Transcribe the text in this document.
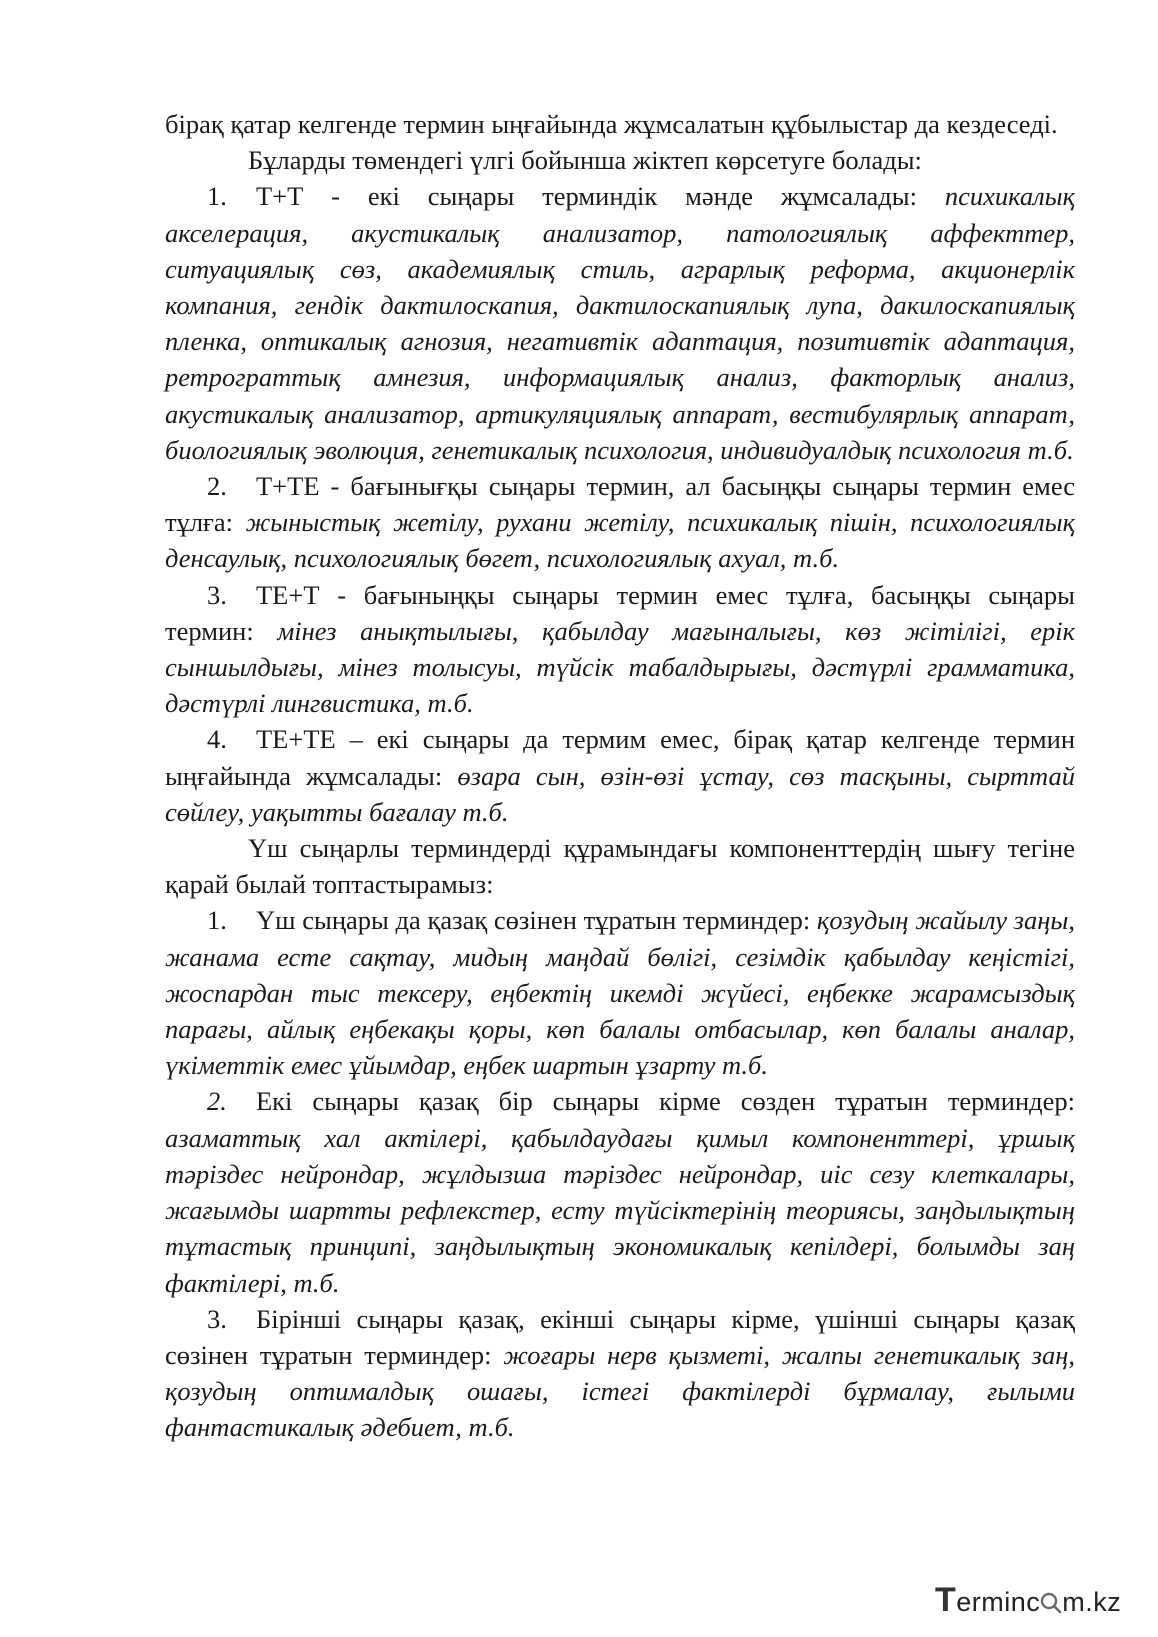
бірақ қатар келгенде термин ыңғайында жұмсалатын құбылыстар да кездеседі.

Бұларды төмендегі үлгі бойынша жіктеп көрсетуге болады:

1. Т+Т - екі сыңары терминдік мәнде жұмсалады: психикалық акселерация, акустикалық анализатор, патологиялық аффекттер, ситуациялық сөз, академиялық стиль, аграрлық реформа, акционерлік компания, гендік дактилоскапия, дактилоскапиялық лупа, дакилоскапиялық пленка, оптикалық агнозия, негативтік адаптация, позитивтік адаптация, ретрограттық амнезия, информациялық анализ, факторлық анализ, акустикалық анализатор, артикуляциялық аппарат, вестибулярлық аппарат, биологиялық эволюция, генетикалық психология, индивидуалдық психология т.б.

2. Т+ТЕ - бағынығқы сыңары термин, ал басыңқы сыңары термин емес тұлға: жыныстық жетілу, рухани жетілу, психикалық пішін, психологиялық денсаулық, психологиялық бөгет, психологиялық ахуал, т.б.

3. ТЕ+Т - бағыныңқы сыңары термин емес тұлға, басыңқы сыңары термин: мінез анықтылығы, қабылдау мағыналығы, көз жітілігі, ерік сыншылдығы, мінез толысуы, түйсік табалдырығы, дәстүрлі грамматика, дәстүрлі лингвистика, т.б.

4. ТЕ+ТЕ – екі сыңары да термим емес, бірақ қатар келгенде термин ыңғайында жұмсалады: өзара сын, өзін-өзі ұстау, сөз тасқыны, сырттай сөйлеу, уақытты бағалау т.б.

Үш сыңарлы терминдерді құрамындағы компоненттердің шығу тегіне қарай былай топтастырамыз:

1. Үш сыңары да қазақ сөзінен тұратын терминдер: қозудың жайылу заңы, жанама есте сақтау, мидың маңдай бөлігі, сезімдік қабылдау кеңістігі, жоспардан тыс тексеру, еңбектің икемді жүйесі, еңбекке жарамсыздық парағы, айлық еңбекақы қоры, көп балалы отбасылар, көп балалы аналар, үкіметтік емес ұйымдар, еңбек шартын ұзарту т.б.

2. Екі сыңары қазақ бір сыңары кірме сөзден тұратын терминдер: азаматтық хал актілері, қабылдаудағы қимыл компоненттері, ұршық тәріздес нейрондар, жұлдызша тәріздес нейрондар, иіс сезу клеткалары, жағымды шартты рефлекстер, есту түйсіктерінің теориясы, заңдылықтың тұтастық принципі, заңдылықтың экономикалық кепілдері, болымды заң фактілері, т.б.

3. Бірінші сыңары қазақ, екінші сыңары кірме, үшінші сыңары қазақ сөзінен тұратын терминдер: жоғары нерв қызметі, жалпы генетикалық заң, қозудың оптималдық ошағы, істегі фактілерді бұрмалау, ғылыми фантастикалық әдебиет, т.б.

Terminc m.kz
